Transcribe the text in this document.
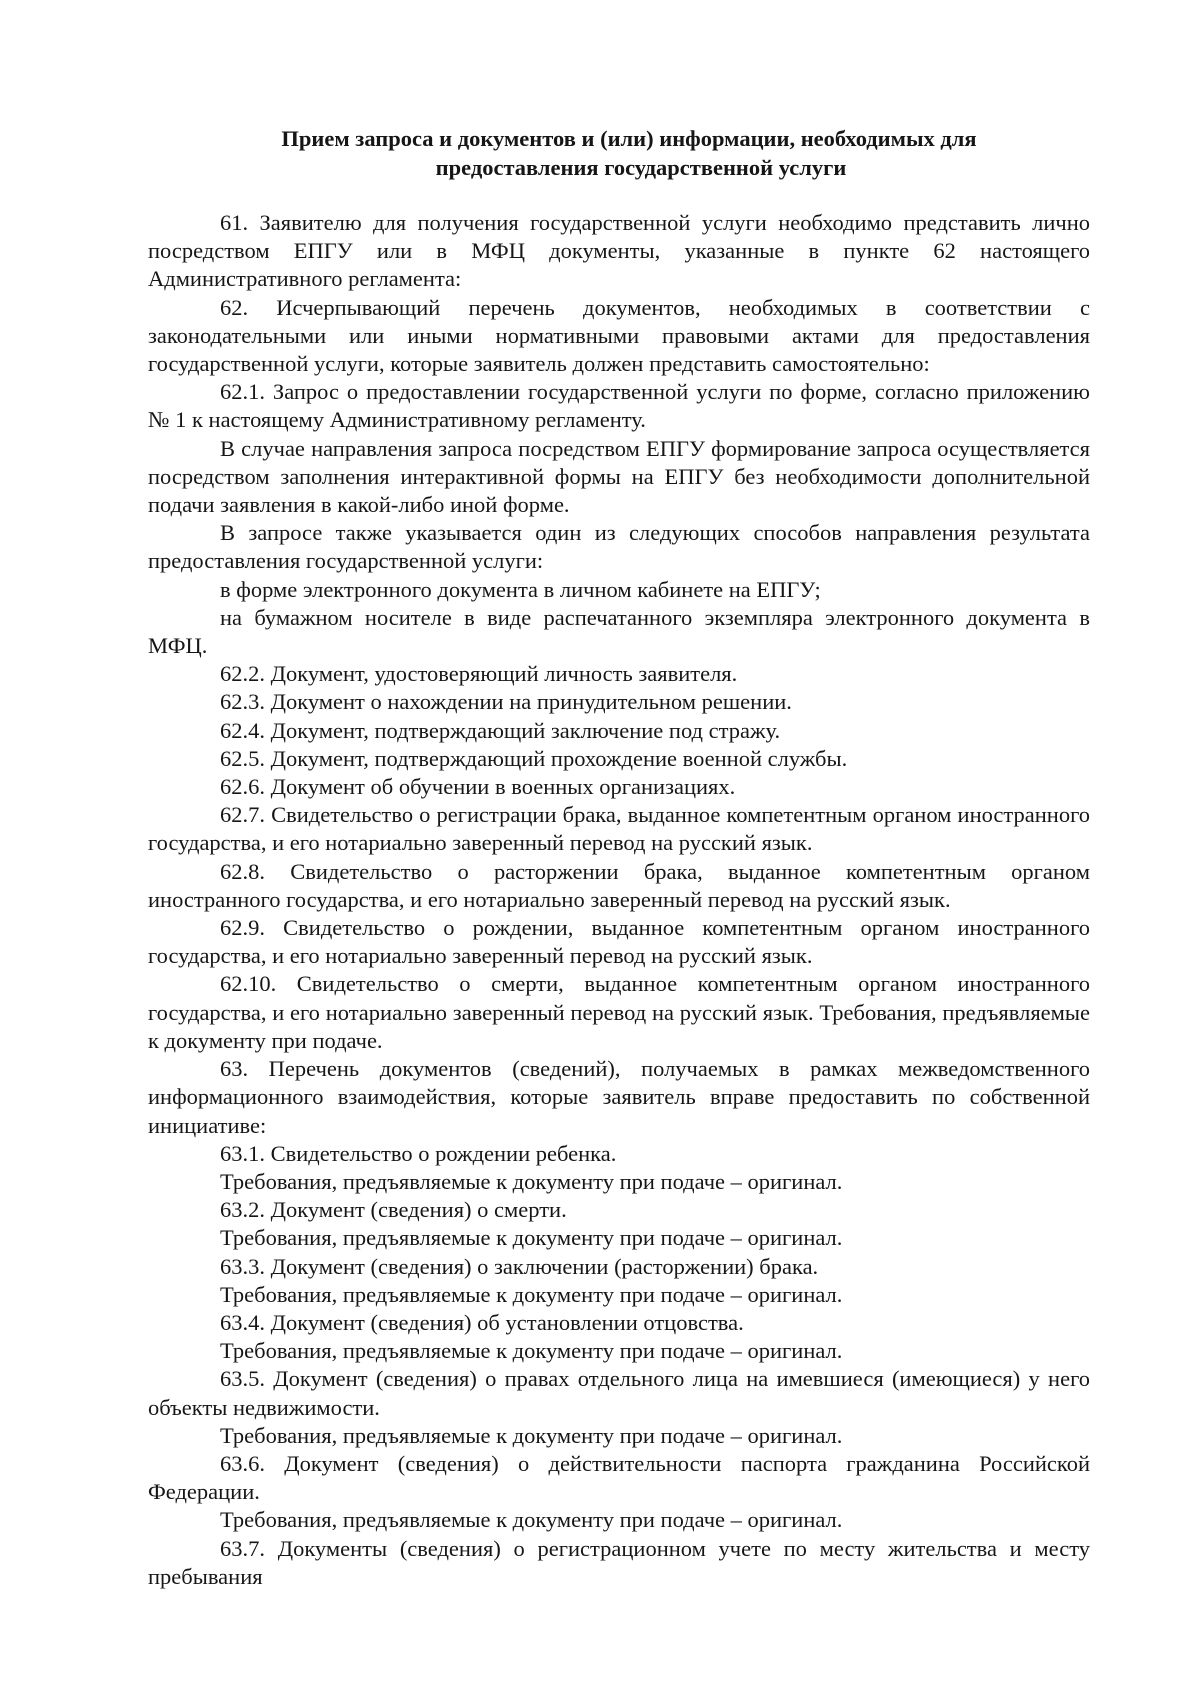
Прием запроса и документов и (или) информации, необходимых для
предоставления государственной услуги

61. Заявителю для получения государственной услуги необходимо представить лично посредством ЕПГУ или в МФЦ документы, указанные в пункте 62 настоящего Административного регламента:

62. Исчерпывающий перечень документов, необходимых в соответствии с законодательными или иными нормативными правовыми актами для предоставления государственной услуги, которые заявитель должен представить самостоятельно:

62.1. Запрос о предоставлении государственной услуги по форме, согласно приложению № 1 к настоящему Административному регламенту.

В случае направления запроса посредством ЕПГУ формирование запроса осуществляется посредством заполнения интерактивной формы на ЕПГУ без необходимости дополнительной подачи заявления в какой-либо иной форме.

В запросе также указывается один из следующих способов направления результата предоставления государственной услуги:

в форме электронного документа в личном кабинете на ЕПГУ;

на бумажном носителе в виде распечатанного экземпляра электронного документа в МФЦ.

62.2. Документ, удостоверяющий личность заявителя.

62.3. Документ о нахождении на принудительном решении.

62.4. Документ, подтверждающий заключение под стражу.

62.5. Документ, подтверждающий прохождение военной службы.

62.6. Документ об обучении в военных организациях.

62.7. Свидетельство о регистрации брака, выданное компетентным органом иностранного государства, и его нотариально заверенный перевод на русский язык.

62.8. Свидетельство о расторжении брака, выданное компетентным органом иностранного государства, и его нотариально заверенный перевод на русский язык.

62.9. Свидетельство о рождении, выданное компетентным органом иностранного государства, и его нотариально заверенный перевод на русский язык.

62.10. Свидетельство о смерти, выданное компетентным органом иностранного государства, и его нотариально заверенный перевод на русский язык. Требования, предъявляемые к документу при подаче.

63. Перечень документов (сведений), получаемых в рамках межведомственного информационного взаимодействия, которые заявитель вправе предоставить по собственной инициативе:

63.1. Свидетельство о рождении ребенка.

Требования, предъявляемые к документу при подаче – оригинал.

63.2. Документ (сведения) о смерти.

Требования, предъявляемые к документу при подаче – оригинал.

63.3. Документ (сведения) о заключении (расторжении) брака.

Требования, предъявляемые к документу при подаче – оригинал.

63.4. Документ (сведения) об установлении отцовства.

Требования, предъявляемые к документу при подаче – оригинал.

63.5. Документ (сведения) о правах отдельного лица на имевшиеся (имеющиеся) у него объекты недвижимости.

Требования, предъявляемые к документу при подаче – оригинал.

63.6. Документ (сведения) о действительности паспорта гражданина Российской Федерации.

Требования, предъявляемые к документу при подаче – оригинал.

63.7. Документы (сведения) о регистрационном учете по месту жительства и месту пребывания
